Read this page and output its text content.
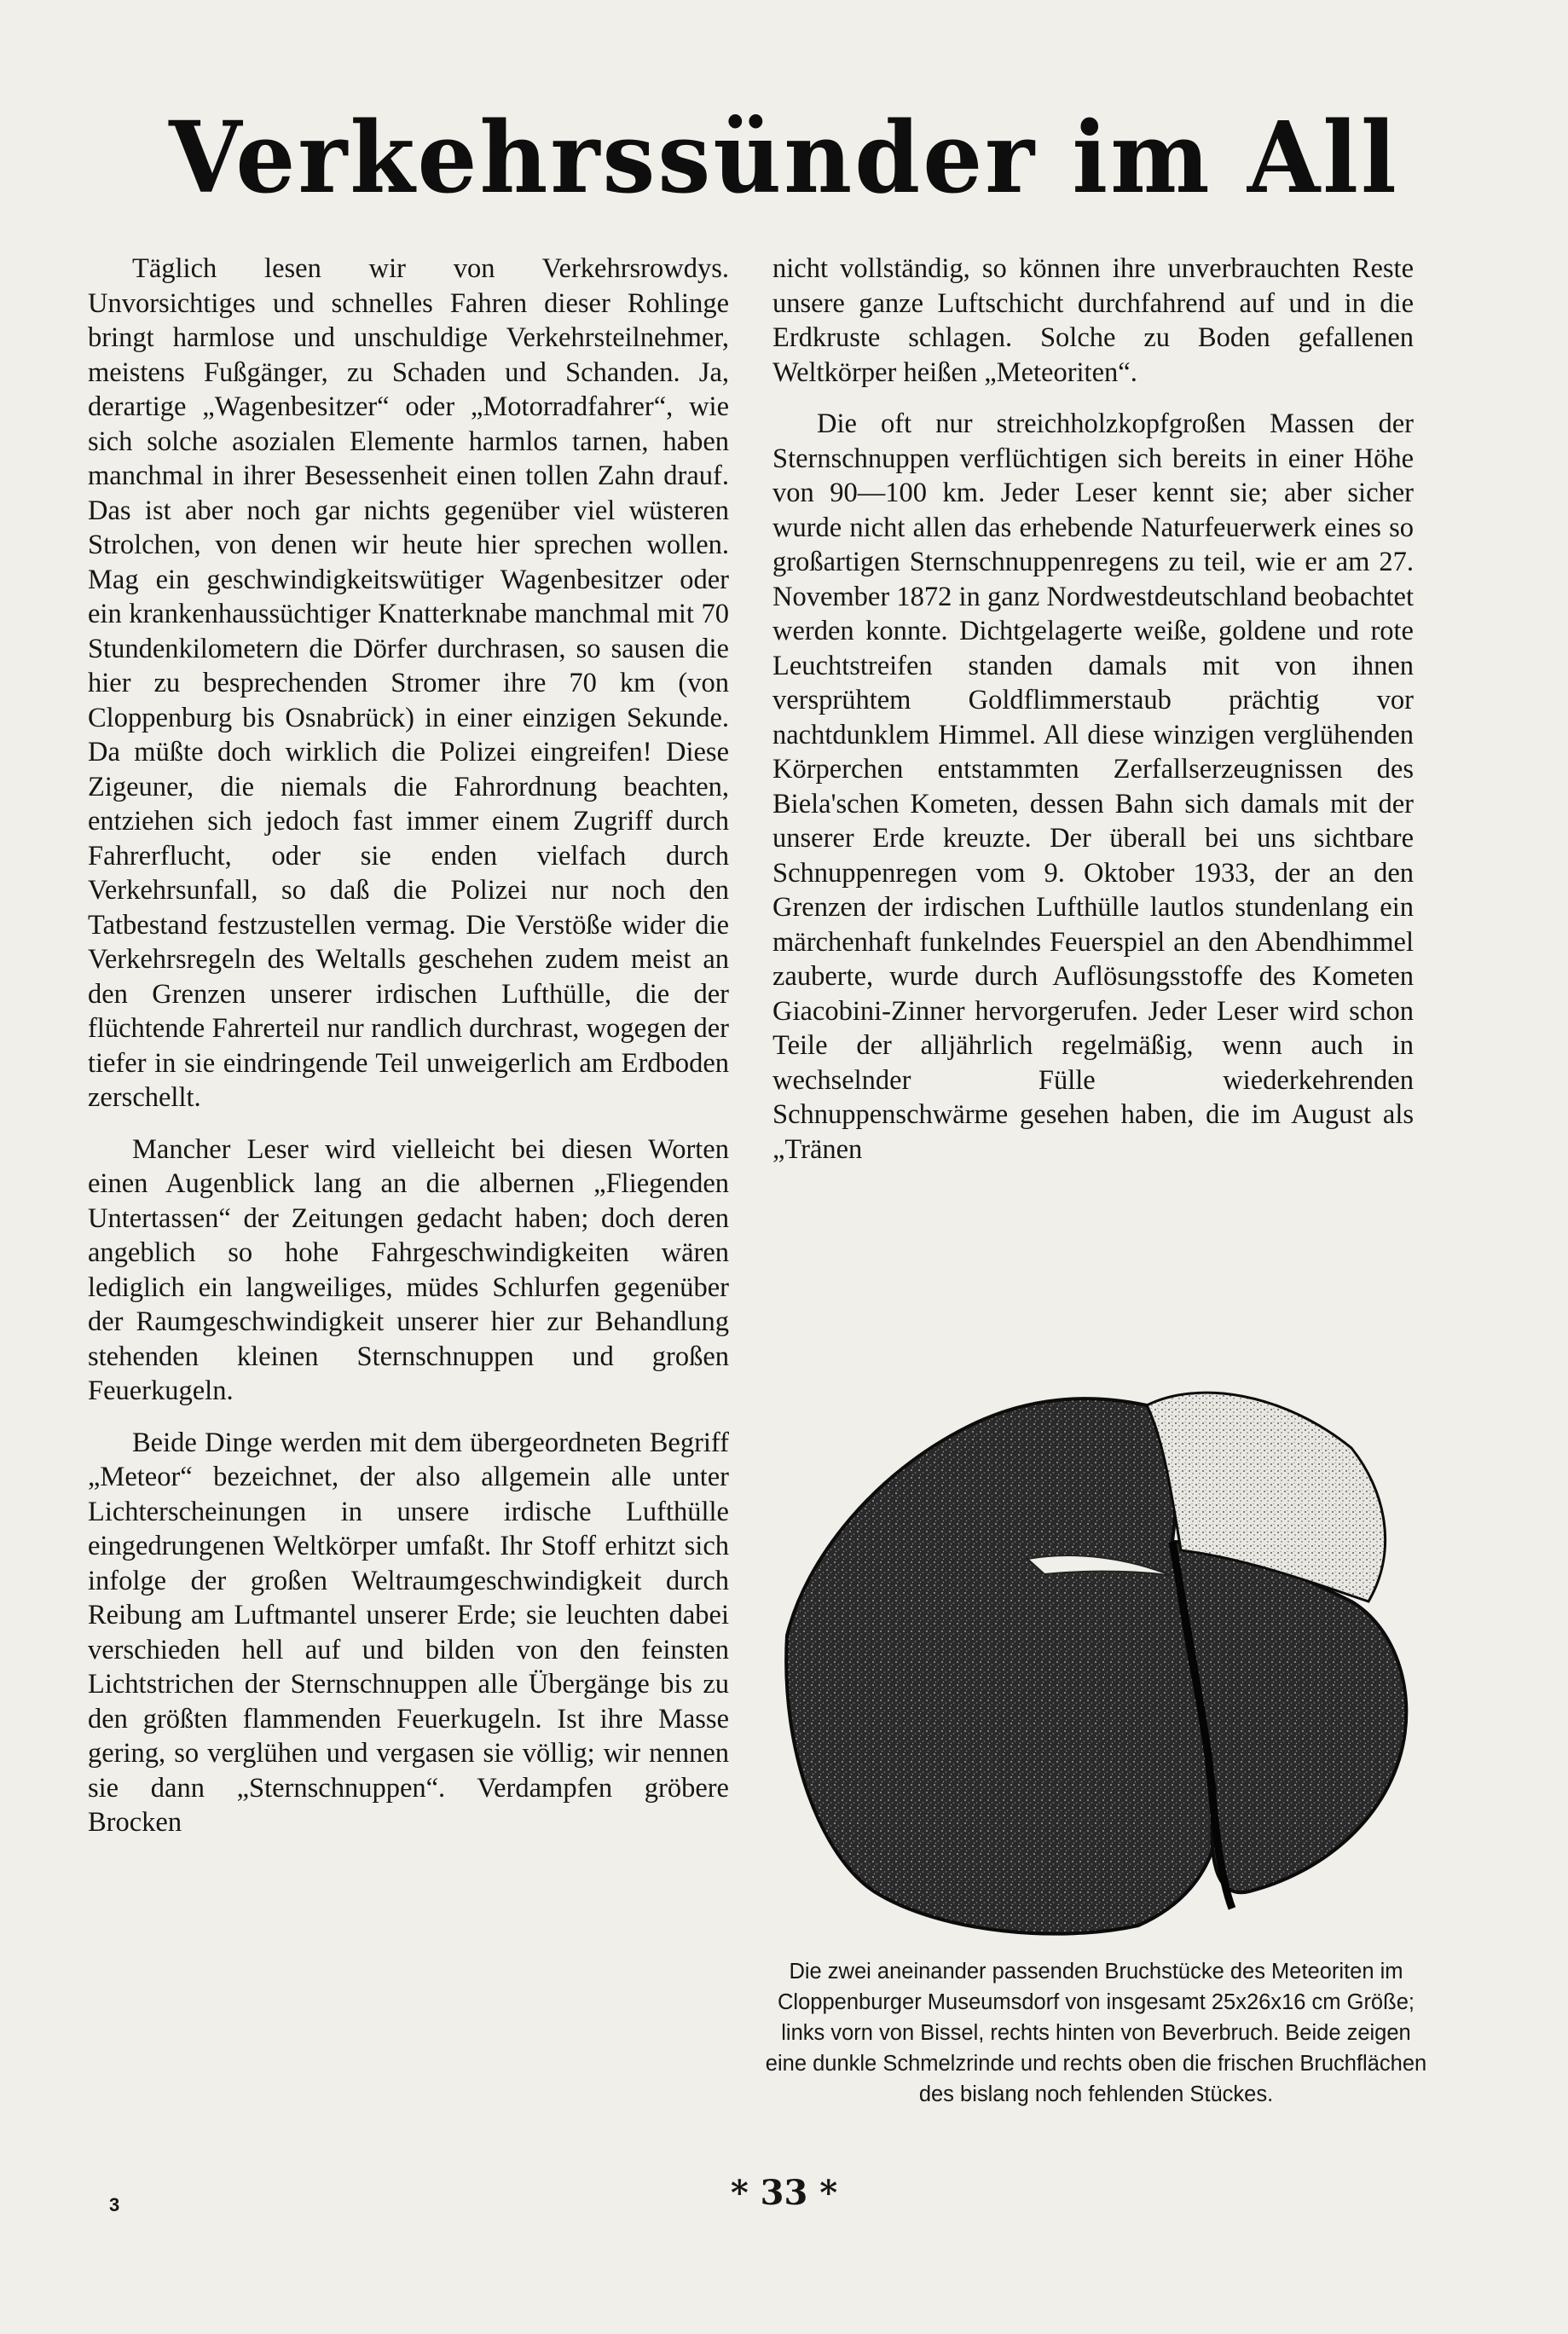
Verkehrssünder im All

Täglich lesen wir von Verkehrsrowdys. Unvorsichtiges und schnelles Fahren dieser Rohlinge bringt harmlose und unschuldige Verkehrsteilnehmer, meistens Fußgänger, zu Schaden und Schanden. Ja, derartige „Wagenbesitzer“ oder „Motorradfahrer“, wie sich solche asozialen Elemente harmlos tarnen, haben manchmal in ihrer Besessenheit einen tollen Zahn drauf. Das ist aber noch gar nichts gegenüber viel wüsteren Strolchen, von denen wir heute hier sprechen wollen. Mag ein geschwindigkeitswütiger Wagenbesitzer oder ein krankenhaussüchtiger Knatterknabe manchmal mit 70 Stundenkilometern die Dörfer durchrasen, so sausen die hier zu besprechenden Stromer ihre 70 km (von Cloppenburg bis Osnabrück) in einer einzigen Sekunde. Da müßte doch wirklich die Polizei eingreifen! Diese Zigeuner, die niemals die Fahrordnung beachten, entziehen sich jedoch fast immer einem Zugriff durch Fahrerflucht, oder sie enden vielfach durch Verkehrsunfall, so daß die Polizei nur noch den Tatbestand festzustellen vermag. Die Verstöße wider die Verkehrsregeln des Weltalls geschehen zudem meist an den Grenzen unserer irdischen Lufthülle, die der flüchtende Fahrerteil nur randlich durchrast, wogegen der tiefer in sie eindringende Teil unweigerlich am Erdboden zerschellt.

Mancher Leser wird vielleicht bei diesen Worten einen Augenblick lang an die albernen „Fliegenden Untertassen“ der Zeitungen gedacht haben; doch deren angeblich so hohe Fahrgeschwindigkeiten wären lediglich ein langweiliges, müdes Schlurfen gegenüber der Raumgeschwindigkeit unserer hier zur Behandlung stehenden kleinen Sternschnuppen und großen Feuerkugeln.

Beide Dinge werden mit dem übergeordneten Begriff „Meteor“ bezeichnet, der also allgemein alle unter Lichterscheinungen in unsere irdische Lufthülle eingedrungenen Weltkörper umfaßt. Ihr Stoff erhitzt sich infolge der großen Weltraumgeschwindigkeit durch Reibung am Luftmantel unserer Erde; sie leuchten dabei verschieden hell auf und bilden von den feinsten Lichtstrichen der Sternschnuppen alle Übergänge bis zu den größten flammenden Feuerkugeln. Ist ihre Masse gering, so verglühen und vergasen sie völlig; wir nennen sie dann „Sternschnuppen“. Verdampfen gröbere Brocken

nicht vollständig, so können ihre unverbrauchten Reste unsere ganze Luftschicht durchfahrend auf und in die Erdkruste schlagen. Solche zu Boden gefallenen Weltkörper heißen „Meteoriten“.

Die oft nur streichholzkopfgroßen Massen der Sternschnuppen verflüchtigen sich bereits in einer Höhe von 90—100 km. Jeder Leser kennt sie; aber sicher wurde nicht allen das erhebende Naturfeuerwerk eines so großartigen Sternschnuppenregens zu teil, wie er am 27. November 1872 in ganz Nordwestdeutschland beobachtet werden konnte. Dichtgelagerte weiße, goldene und rote Leuchtstreifen standen damals mit von ihnen versprühtem Goldflimmerstaub prächtig vor nachtdunklem Himmel. All diese winzigen verglühenden Körperchen entstammten Zerfallserzeugnissen des Biela'schen Kometen, dessen Bahn sich damals mit der unserer Erde kreuzte. Der überall bei uns sichtbare Schnuppenregen vom 9. Oktober 1933, der an den Grenzen der irdischen Lufthülle lautlos stundenlang ein märchenhaft funkelndes Feuerspiel an den Abendhimmel zauberte, wurde durch Auflösungsstoffe des Kometen Giacobini-Zinner hervorgerufen. Jeder Leser wird schon Teile der alljährlich regelmäßig, wenn auch in wechselnder Fülle wiederkehrenden Schnuppenschwärme gesehen haben, die im August als „Tränen

Die zwei aneinander passenden Bruchstücke des Meteoriten im Cloppenburger Museumsdorf von insgesamt 25x26x16 cm Größe; links vorn von Bissel, rechts hinten von Beverbruch. Beide zeigen eine dunkle Schmelzrinde und rechts oben die frischen Bruchflächen des bislang noch fehlenden Stückes.
* 33 *
3
